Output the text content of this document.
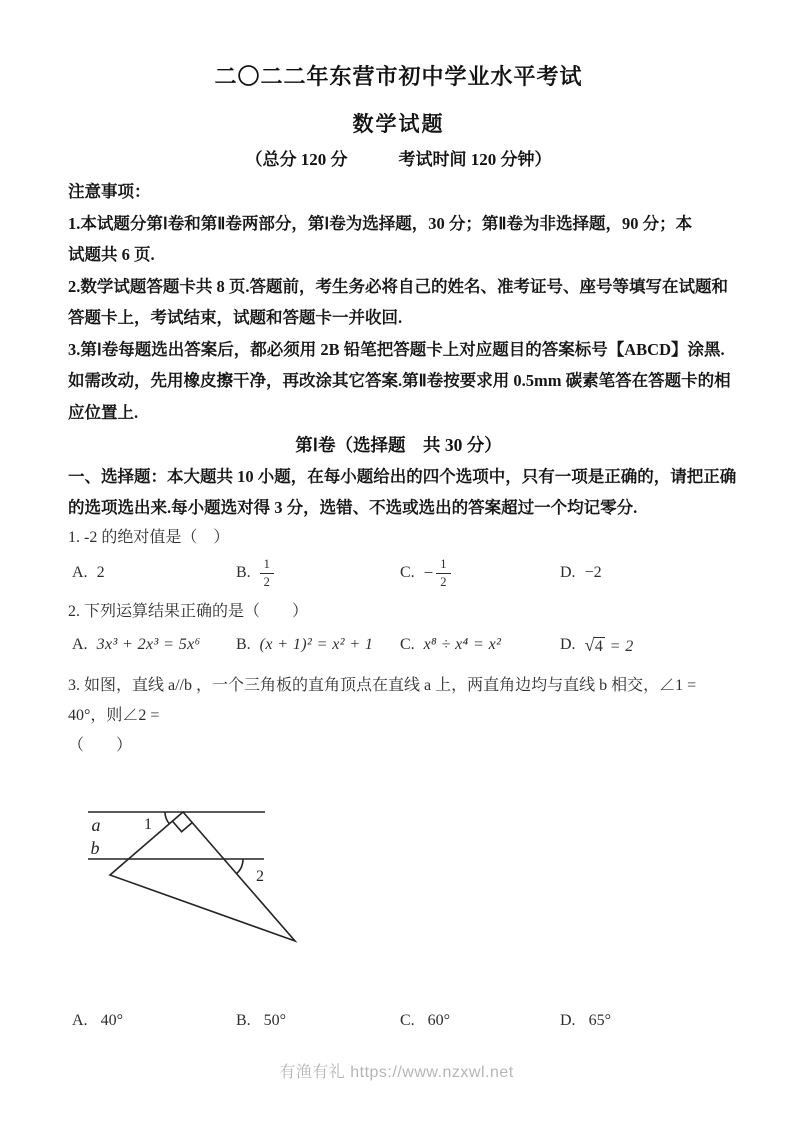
二〇二二年东营市初中学业水平考试
数学试题
（总分 120 分　　　考试时间 120 分钟）
注意事项：
1.本试题分第Ⅰ卷和第Ⅱ卷两部分，第Ⅰ卷为选择题，30 分；第Ⅱ卷为非选择题，90 分；本
试题共 6 页.
2.数学试题答题卡共 8 页.答题前，考生务必将自己的姓名、准考证号、座号等填写在试题和
答题卡上，考试结束，试题和答题卡一并收回.
3.第Ⅰ卷每题选出答案后，都必须用 2B 铅笔把答题卡上对应题目的答案标号【ABCD】涂黑.
如需改动，先用橡皮擦干净，再改涂其它答案.第Ⅱ卷按要求用 0.5mm 碳素笔答在答题卡的相
应位置上.
第Ⅰ卷（选择题　共 30 分）
一、选择题：本大题共 10 小题，在每小题给出的四个选项中，只有一项是正确的，请把正确
的选项选出来.每小题选对得 3 分，选错、不选或选出的答案超过一个均记零分.
1. -2 的绝对值是（　）
A. 2	B. $\frac{1}{2}$	C. − $\frac{1}{2}$	D. −2
2. 下列运算结果正确的是（　　）
A. 3x³ + 2x³ = 5x⁶ B. (x + 1)² = x² + 1 C. x⁸ ÷ x⁴ = x²	D. √4 = 2
3. 如图，直线 a//b ，一个三角板的直角顶点在直线 a 上，两直角边均与直线 b 相交，∠1 = 40°，则∠2 =
（　　）
a
b
1
2
A. 40°	B. 50°	C. 60°	D. 65°
有渔有礼 https://www.nzxwl.net
